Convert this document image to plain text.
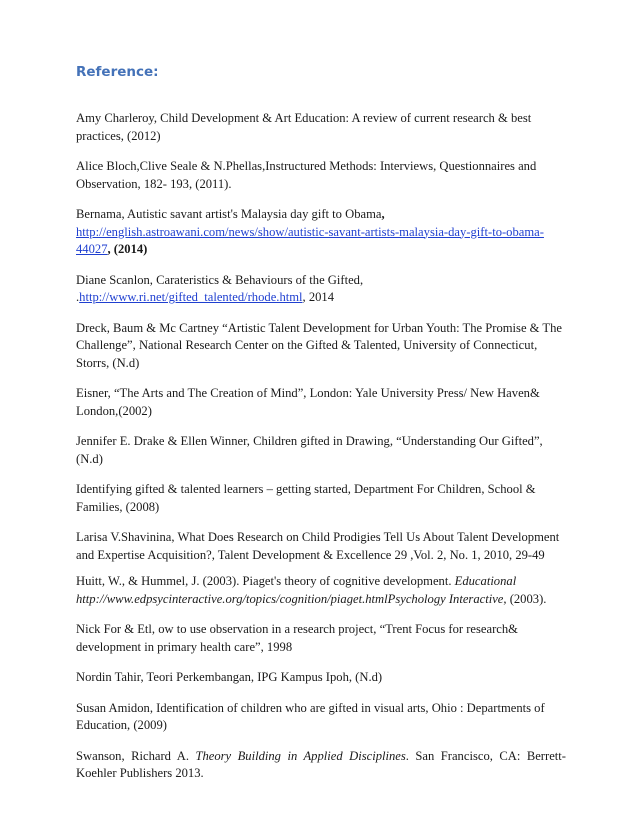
Reference:

Amy Charleroy, Child Development & Art Education: A review of current research & best practices, (2012)

Alice Bloch,Clive Seale & N.Phellas,Instructured Methods: Interviews, Questionnaires and Observation, 182- 193, (2011).

Bernama, Autistic savant artist's Malaysia day gift to Obama,
http://english.astroawani.com/news/show/autistic-savant-artists-malaysia-day-gift-to-obama-44027, (2014)

Diane Scanlon, Carateristics & Behaviours of the Gifted,
.http://www.ri.net/gifted_talented/rhode.html, 2014

Dreck, Baum & Mc Cartney “Artistic Talent Development for Urban Youth: The Promise & The Challenge”, National Research Center on the Gifted & Talented, University of Connecticut, Storrs, (N.d)

Eisner, “The Arts and The Creation of Mind”, London: Yale University Press/ New Haven& London,(2002)

Jennifer E. Drake & Ellen Winner, Children gifted in Drawing, “Understanding Our Gifted”, (N.d)

Identifying gifted & talented learners – getting started, Department For Children, School & Families, (2008)

Larisa V.Shavinina, What Does Research on Child Prodigies Tell Us About Talent Development and Expertise Acquisition?, Talent Development & Excellence 29 ,Vol. 2, No. 1, 2010, 29-49

Huitt, W., & Hummel, J. (2003). Piaget's theory of cognitive development. Educational
http://www.edpsycinteractive.org/topics/cognition/piaget.htmlPsychology Interactive, (2003).

Nick For & Etl, ow to use observation in a research project, “Trent Focus for research& development in primary health care”, 1998

Nordin Tahir, Teori Perkembangan, IPG Kampus Ipoh, (N.d)

Susan Amidon, Identification of children who are gifted in visual arts, Ohio : Departments of Education, (2009)

Swanson, Richard A. Theory Building in Applied Disciplines. San Francisco, CA: Berrett-Koehler Publishers 2013.
